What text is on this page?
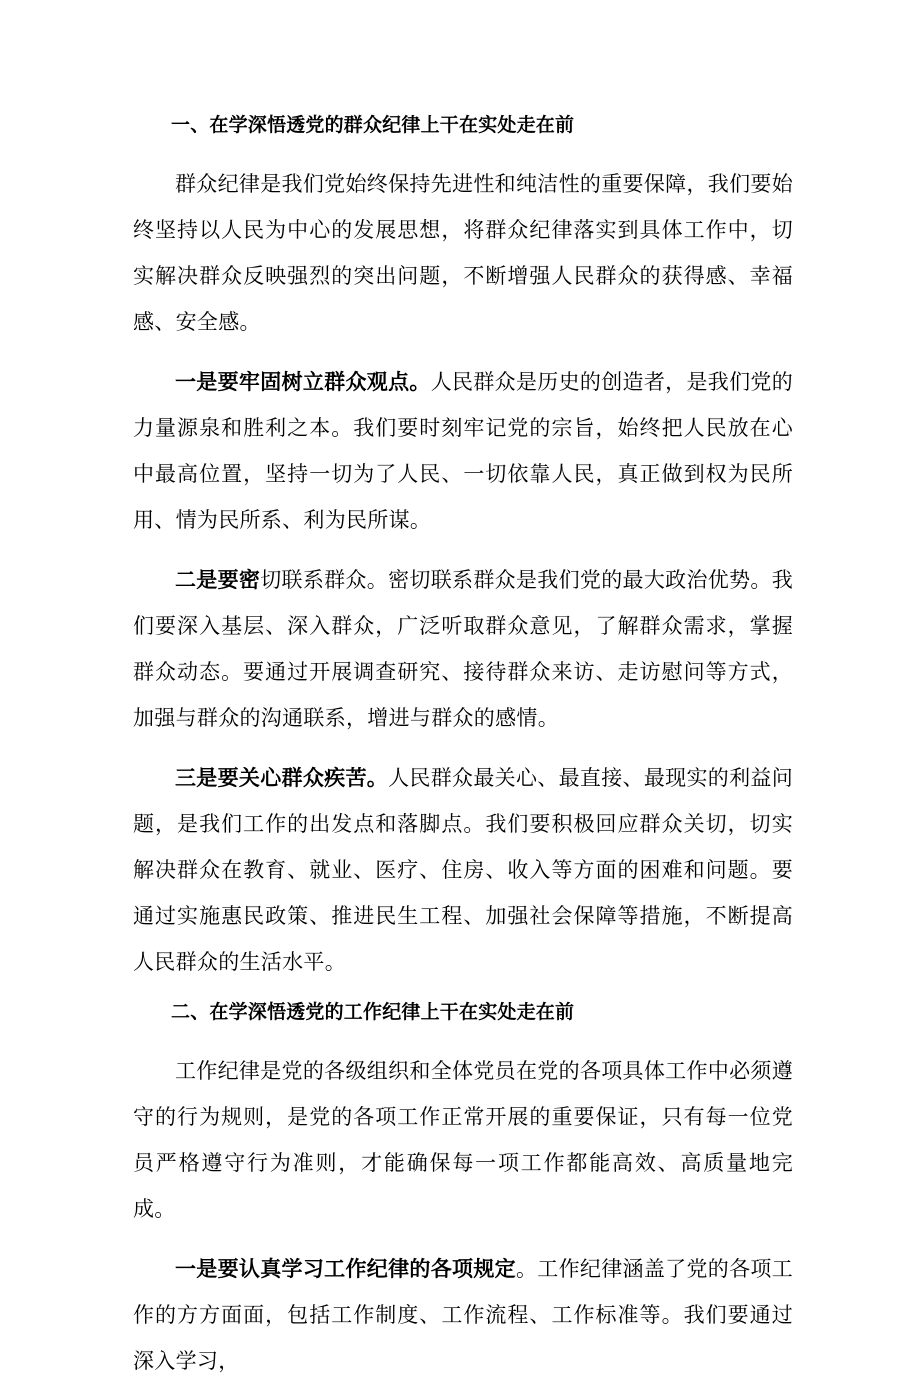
一、在学深悟透党的群众纪律上干在实处走在前

群众纪律是我们党始终保持先进性和纯洁性的重要保障，我们要始终坚持以人民为中心的发展思想，将群众纪律落实到具体工作中，切实解决群众反映强烈的突出问题，不断增强人民群众的获得感、幸福感、安全感。

一是要牢固树立群众观点。人民群众是历史的创造者，是我们党的力量源泉和胜利之本。我们要时刻牢记党的宗旨，始终把人民放在心中最高位置，坚持一切为了人民、一切依靠人民，真正做到权为民所用、情为民所系、利为民所谋。

二是要密切联系群众。密切联系群众是我们党的最大政治优势。我们要深入基层、深入群众，广泛听取群众意见，了解群众需求，掌握群众动态。要通过开展调查研究、接待群众来访、走访慰问等方式，加强与群众的沟通联系，增进与群众的感情。

三是要关心群众疾苦。人民群众最关心、最直接、最现实的利益问题，是我们工作的出发点和落脚点。我们要积极回应群众关切，切实解决群众在教育、就业、医疗、住房、收入等方面的困难和问题。要通过实施惠民政策、推进民生工程、加强社会保障等措施，不断提高人民群众的生活水平。

二、在学深悟透党的工作纪律上干在实处走在前

工作纪律是党的各级组织和全体党员在党的各项具体工作中必须遵守的行为规则，是党的各项工作正常开展的重要保证，只有每一位党员严格遵守行为准则，才能确保每一项工作都能高效、高质量地完成。

一是要认真学习工作纪律的各项规定。工作纪律涵盖了党的各项工作的方方面面，包括工作制度、工作流程、工作标准等。我们要通过深入学习，
